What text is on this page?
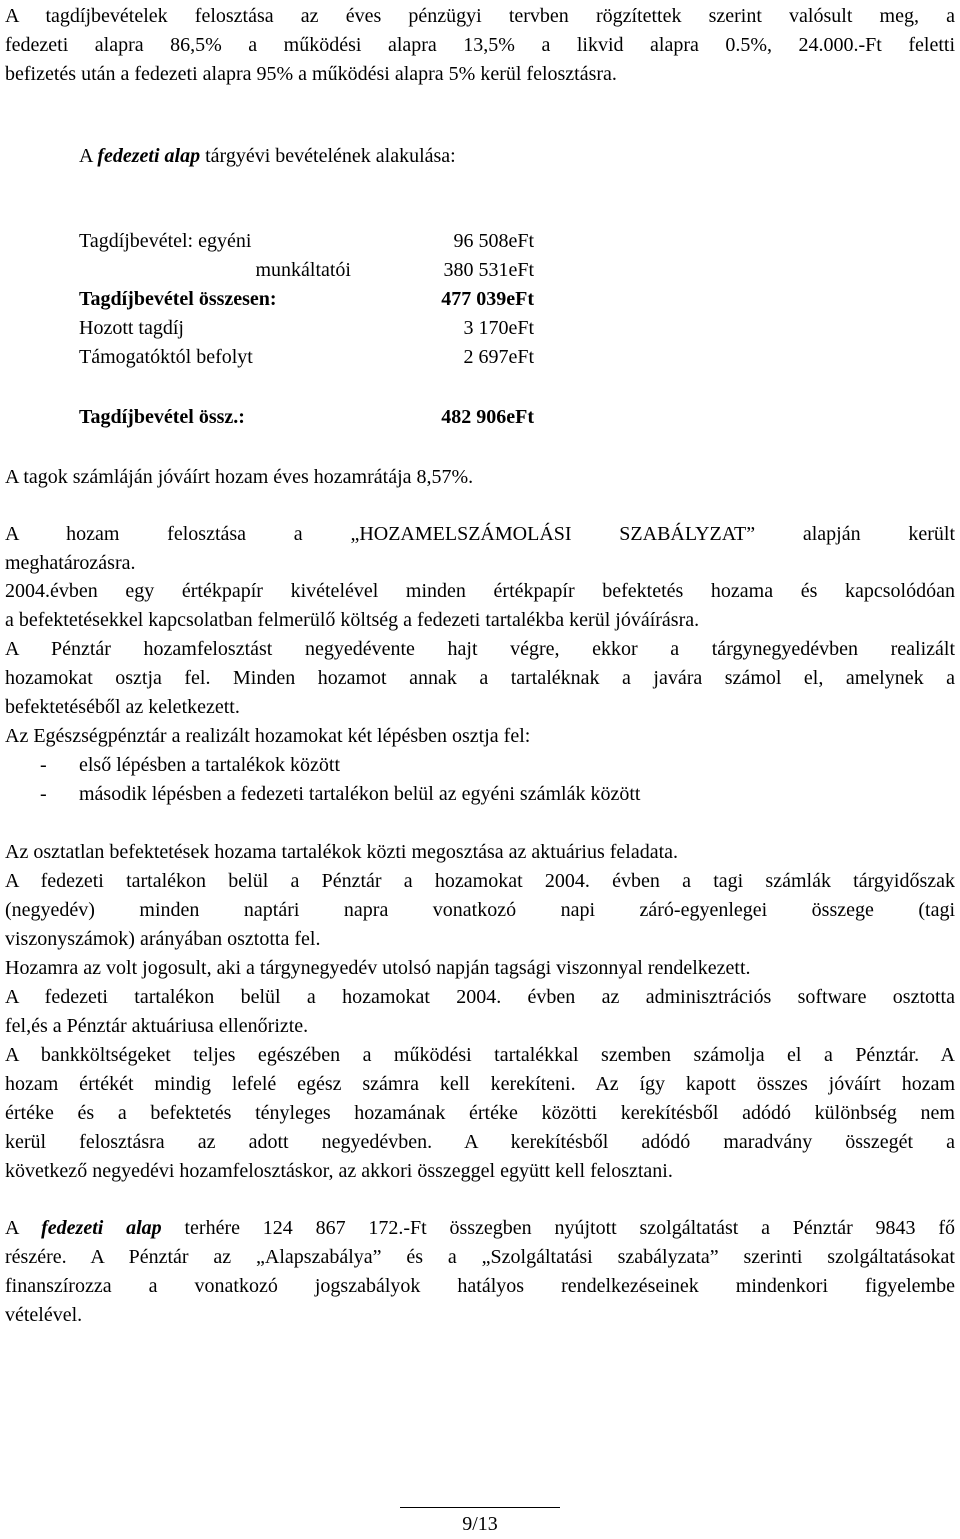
A tagdíjbevételek felosztása az éves pénzügyi tervben rögzítettek szerint valósult meg, a
fedezeti alapra 86,5% a működési alapra 13,5% a likvid alapra 0.5%, 24.000.-Ft feletti
befizetés után a fedezeti alapra 95% a működési alapra 5% kerül felosztásra.
A fedezeti alap tárgyévi bevételének alakulása:
Tagdíjbevétel: egyéni	96 508eFt
munkáltatói	380 531eFt
Tagdíjbevétel összesen:	477 039eFt
Hozott tagdíj	3 170eFt
Támogatóktól befolyt	2 697eFt
Tagdíjbevétel össz.:	482 906eFt
A tagok számláján jóváírt hozam éves hozamrátája 8,57%.
A hozam felosztása a „HOZAMELSZÁMOLÁSI SZABÁLYZAT” alapján került
meghatározásra.
2004.évben egy értékpapír kivételével minden értékpapír befektetés hozama és kapcsolódóan
a befektetésekkel kapcsolatban felmerülő költség a fedezeti tartalékba kerül jóváírásra.
A Pénztár hozamfelosztást negyedévente hajt végre, ekkor a tárgynegyedévben realizált
hozamokat osztja fel. Minden hozamot annak a tartaléknak a javára számol el, amelynek a
befektetéséből az keletkezett.
Az Egészségpénztár a realizált hozamokat két lépésben osztja fel:
- első lépésben a tartalékok között
- második lépésben a fedezeti tartalékon belül az egyéni számlák között
Az osztatlan befektetések hozama tartalékok közti megosztása az aktuárius feladata.
A fedezeti tartalékon belül a Pénztár a hozamokat 2004. évben a tagi számlák tárgyidőszak
(negyedév) minden naptári napra vonatkozó napi záró-egyenlegei összege (tagi
viszonyszámok) arányában osztotta fel.
Hozamra az volt jogosult, aki a tárgynegyedév utolsó napján tagsági viszonnyal rendelkezett.
A fedezeti tartalékon belül a hozamokat 2004. évben az adminisztrációs software osztotta
fel,és a Pénztár aktuáriusa ellenőrizte.
A bankköltségeket teljes egészében a működési tartalékkal szemben számolja el a Pénztár. A
hozam értékét mindig lefelé egész számra kell kerekíteni. Az így kapott összes jóváírt hozam
értéke és a befektetés tényleges hozamának értéke közötti kerekítésből adódó különbség nem
kerül felosztásra az adott negyedévben. A kerekítésből adódó maradvány összegét a
következő negyedévi hozamfelosztáskor, az akkori összeggel együtt kell felosztani.
A fedezeti alap terhére 124 867 172.-Ft összegben nyújtott szolgáltatást a Pénztár 9843 fő
részére. A Pénztár az „Alapszabálya” és a „Szolgáltatási szabályzata” szerinti szolgáltatásokat
finanszírozza a vonatkozó jogszabályok hatályos rendelkezéseinek mindenkori figyelembe
vételével.
9/13
